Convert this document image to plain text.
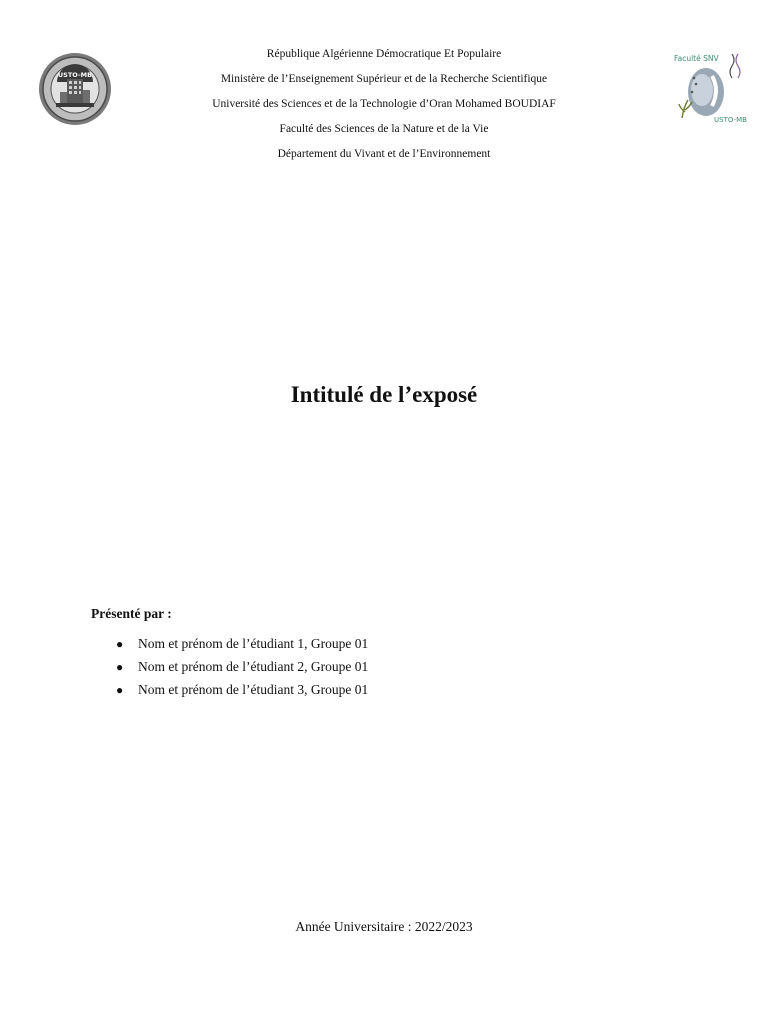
USTO-MB
République Algérienne Démocratique Et Populaire
Ministère de l’Enseignement Supérieur et de la Recherche Scientifique
Université des Sciences et de la Technologie d’Oran Mohamed BOUDIAF
Faculté des Sciences de la Nature et de la Vie
Département du Vivant et de l’Environnement
Faculté SNV
USTO-MB
Intitulé de l’exposé
Présenté par :
●	Nom et prénom de l’étudiant 1, Groupe 01
●	Nom et prénom de l’étudiant 2, Groupe 01
●	Nom et prénom de l’étudiant 3, Groupe 01
Année Universitaire : 2022/2023
